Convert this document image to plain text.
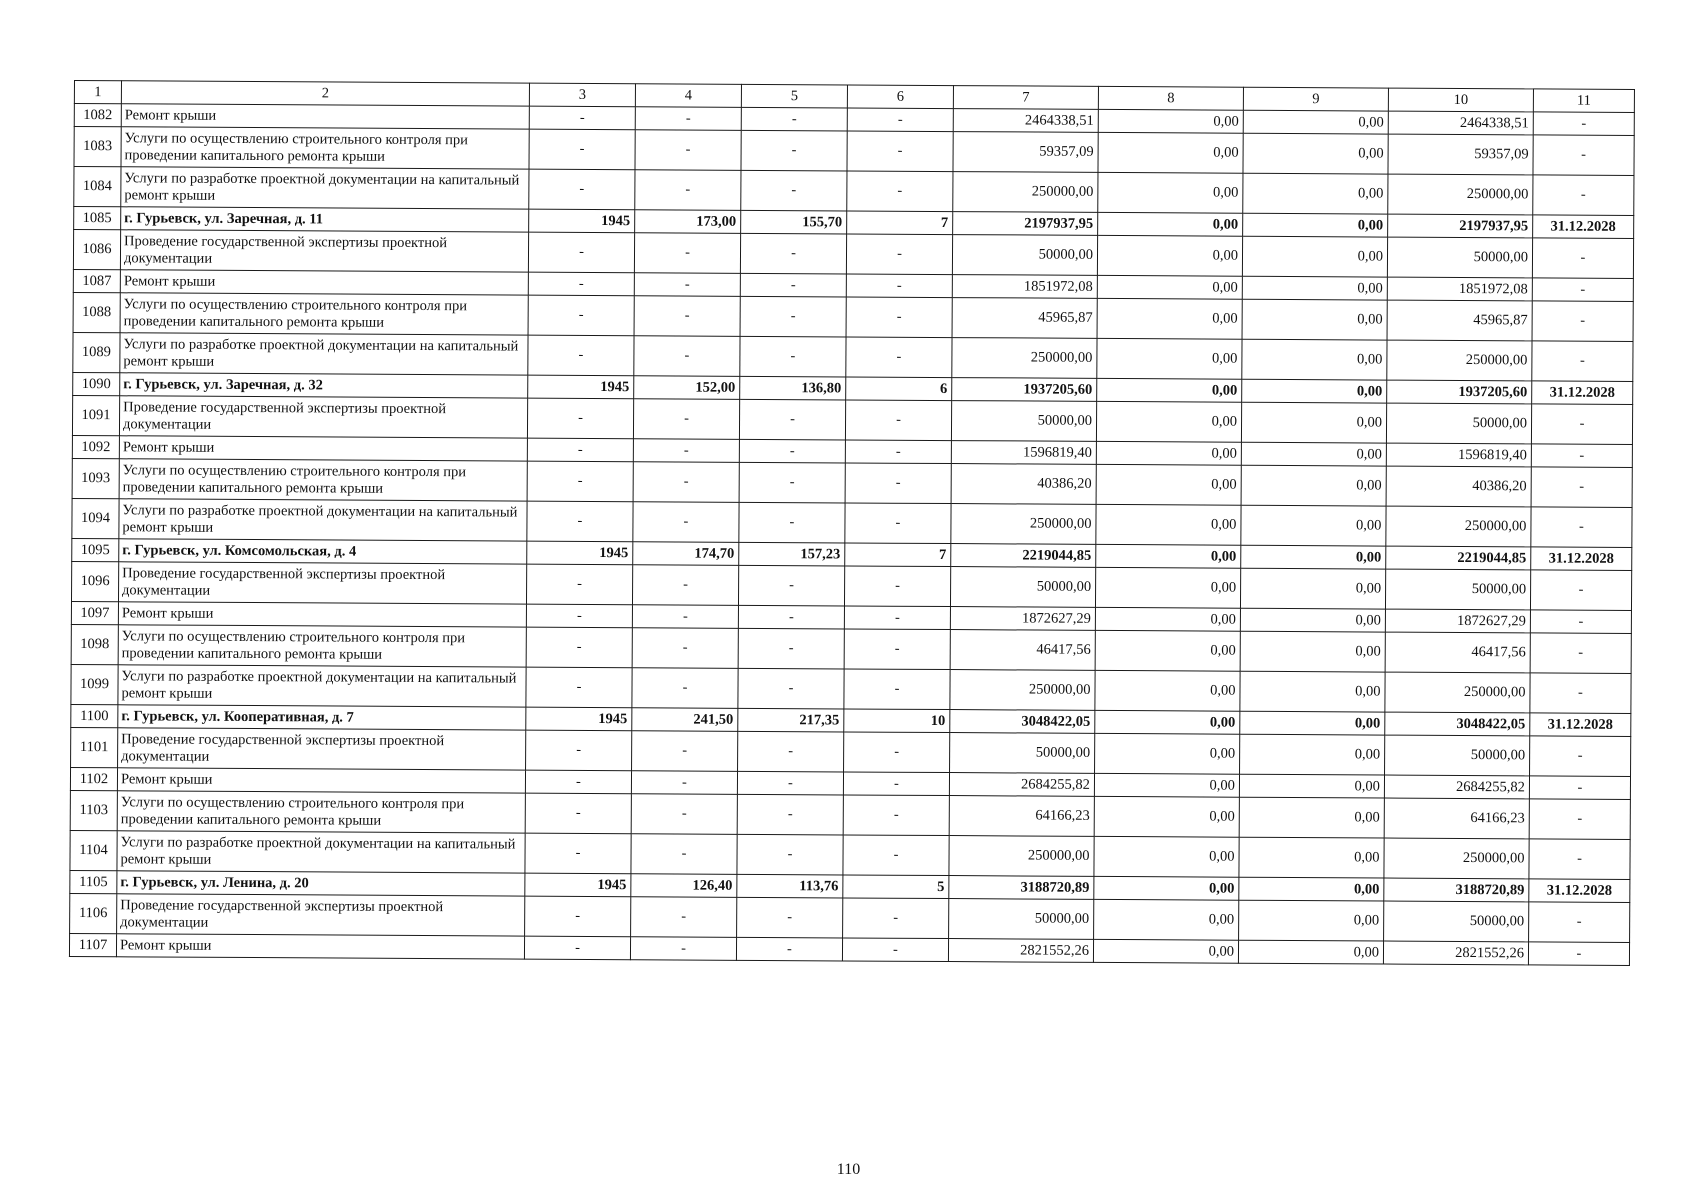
1	2	3	4	5	6	7	8	9	10	11
1082	Ремонт крыши	-	-	-	-	2464338,51	0,00	0,00	2464338,51	-
1083	Услуги по осуществлению строительного контроля при проведении капитального ремонта крыши	-	-	-	-	59357,09	0,00	0,00	59357,09	-
1084	Услуги по разработке проектной документации на капитальный ремонт крыши	-	-	-	-	250000,00	0,00	0,00	250000,00	-
1085	г. Гурьевск, ул. Заречная, д. 11	1945	173,00	155,70	7	2197937,95	0,00	0,00	2197937,95	31.12.2028
1086	Проведение государственной экспертизы проектной документации	-	-	-	-	50000,00	0,00	0,00	50000,00	-
1087	Ремонт крыши	-	-	-	-	1851972,08	0,00	0,00	1851972,08	-
1088	Услуги по осуществлению строительного контроля при проведении капитального ремонта крыши	-	-	-	-	45965,87	0,00	0,00	45965,87	-
1089	Услуги по разработке проектной документации на капитальный ремонт крыши	-	-	-	-	250000,00	0,00	0,00	250000,00	-
1090	г. Гурьевск, ул. Заречная, д. 32	1945	152,00	136,80	6	1937205,60	0,00	0,00	1937205,60	31.12.2028
1091	Проведение государственной экспертизы проектной документации	-	-	-	-	50000,00	0,00	0,00	50000,00	-
1092	Ремонт крыши	-	-	-	-	1596819,40	0,00	0,00	1596819,40	-
1093	Услуги по осуществлению строительного контроля при проведении капитального ремонта крыши	-	-	-	-	40386,20	0,00	0,00	40386,20	-
1094	Услуги по разработке проектной документации на капитальный ремонт крыши	-	-	-	-	250000,00	0,00	0,00	250000,00	-
1095	г. Гурьевск, ул. Комсомольская, д. 4	1945	174,70	157,23	7	2219044,85	0,00	0,00	2219044,85	31.12.2028
1096	Проведение государственной экспертизы проектной документации	-	-	-	-	50000,00	0,00	0,00	50000,00	-
1097	Ремонт крыши	-	-	-	-	1872627,29	0,00	0,00	1872627,29	-
1098	Услуги по осуществлению строительного контроля при проведении капитального ремонта крыши	-	-	-	-	46417,56	0,00	0,00	46417,56	-
1099	Услуги по разработке проектной документации на капитальный ремонт крыши	-	-	-	-	250000,00	0,00	0,00	250000,00	-
1100	г. Гурьевск, ул. Кооперативная, д. 7	1945	241,50	217,35	10	3048422,05	0,00	0,00	3048422,05	31.12.2028
1101	Проведение государственной экспертизы проектной документации	-	-	-	-	50000,00	0,00	0,00	50000,00	-
1102	Ремонт крыши	-	-	-	-	2684255,82	0,00	0,00	2684255,82	-
1103	Услуги по осуществлению строительного контроля при проведении капитального ремонта крыши	-	-	-	-	64166,23	0,00	0,00	64166,23	-
1104	Услуги по разработке проектной документации на капитальный ремонт крыши	-	-	-	-	250000,00	0,00	0,00	250000,00	-
1105	г. Гурьевск, ул. Ленина, д. 20	1945	126,40	113,76	5	3188720,89	0,00	0,00	3188720,89	31.12.2028
1106	Проведение государственной экспертизы проектной документации	-	-	-	-	50000,00	0,00	0,00	50000,00	-
1107	Ремонт крыши	-	-	-	-	2821552,26	0,00	0,00	2821552,26	-
110
